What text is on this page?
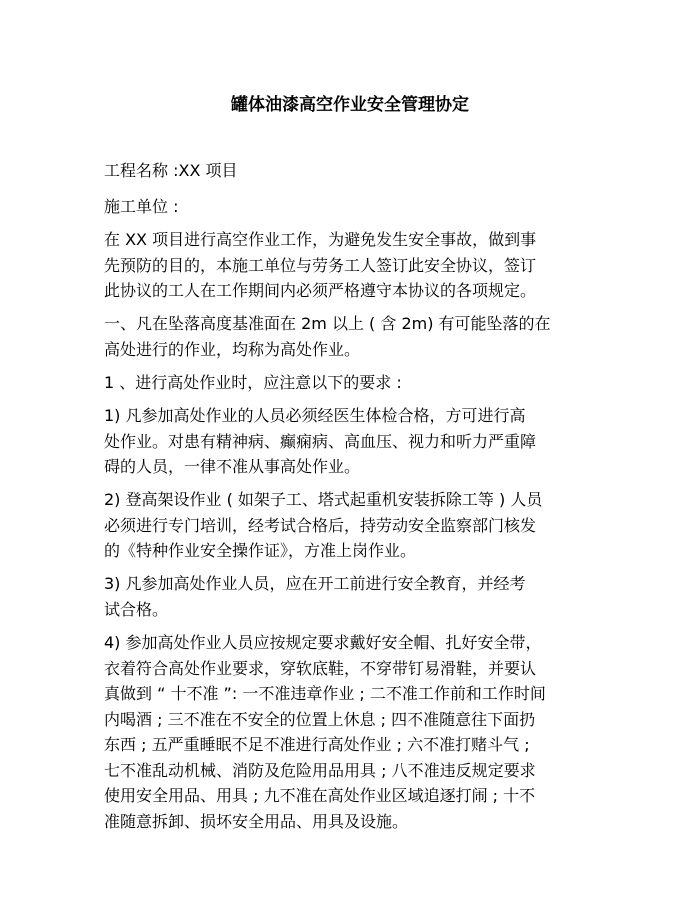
罐体油漆高空作业安全管理协定

工程名称 :XX 项目

施工单位 :

在 XX 项目进行高空作业工作，为避免发生安全事故，做到事

先预防的目的，本施工单位与劳务工人签订此安全协议，签订

此协议的工人在工作期间内必须严格遵守本协议的各项规定。

一、凡在坠落高度基准面在 2m 以上 ( 含 2m) 有可能坠落的在

高处进行的作业，均称为高处作业。

1 、进行高处作业时，应注意以下的要求 :

1) 凡参加高处作业的人员必须经医生体检合格，方可进行高

处作业。对患有精神病、癫痫病、高血压、视力和听力严重障

碍的人员，一律不准从事高处作业。

2) 登高架设作业 ( 如架子工、塔式起重机安装拆除工等 ) 人员

必须进行专门培训，经考试合格后，持劳动安全监察部门核发

的《特种作业安全操作证》，方准上岗作业。

3) 凡参加高处作业人员，应在开工前进行安全教育，并经考

试合格。

4) 参加高处作业人员应按规定要求戴好安全帽、扎好安全带，

衣着符合高处作业要求，穿软底鞋，不穿带钉易滑鞋，并要认

真做到 “ 十不准 ”: 一不准违章作业 ; 二不准工作前和工作时间

内喝酒 ; 三不准在不安全的位置上休息 ; 四不准随意往下面扔

东西 ; 五严重睡眠不足不准进行高处作业 ; 六不准打赌斗气 ;

七不准乱动机械、消防及危险用品用具 ; 八不准违反规定要求

使用安全用品、用具 ; 九不准在高处作业区域追逐打闹 ; 十不

准随意拆卸、损坏安全用品、用具及设施。
